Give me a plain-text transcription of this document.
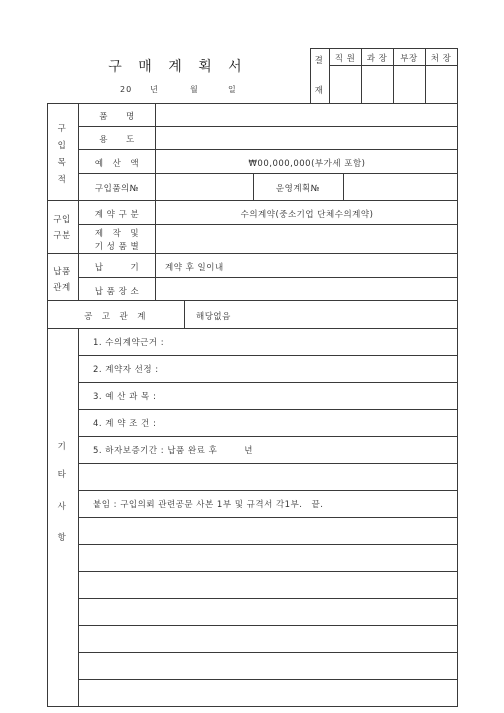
구 매 계 획 서
20　　년	월	일
결
재
직 원 과 장 부장 처 장
구
입
목
적
품　　명
용　　도
예　산　액	₩00,000,000(부가세 포함)
구입품의№	운영계획№
구입
구분
계 약 구 분	수의계약(중소기업 단체수의계약)
제　작　및
기 성 품 별
납품
관계
납　　　기	계약 후 일이내
납 품 장 소
공　고　관　계	해당없음
기
타
사
항
1. 수의계약근거 :
2. 계약자 선정 :
3. 예 산 과 목 :
4. 계 약 조 건 :
5. 하자보증기간 : 납품 완료 후　　　년
붙임 : 구입의뢰 관련공문 사본 1부 및 규격서 각1부.　끝.
